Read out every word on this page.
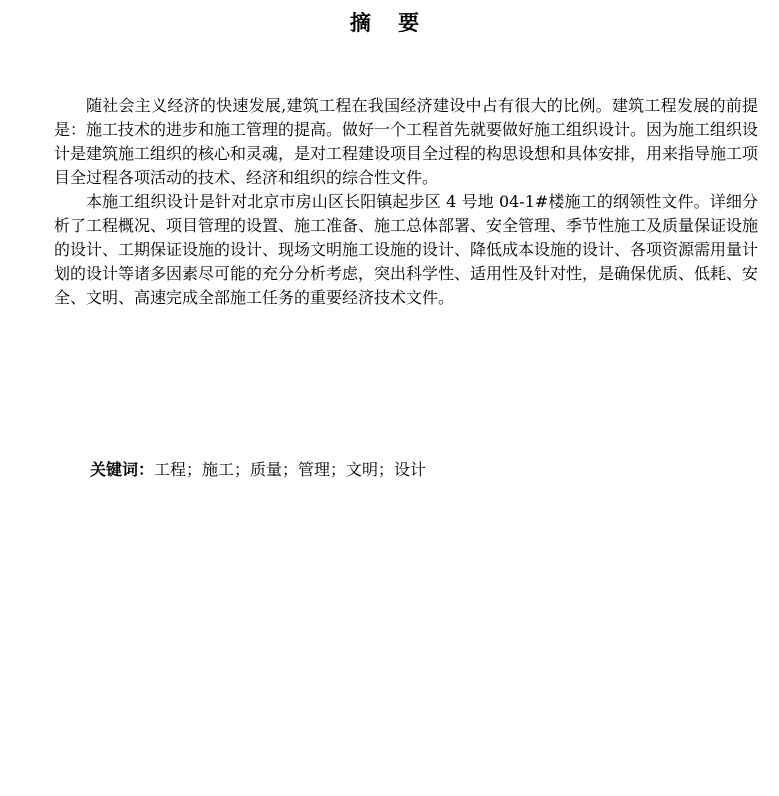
摘 要

随社会主义经济的快速发展,建筑工程在我国经济建设中占有很大的比例。建筑工程发展的前提是：施工技术的进步和施工管理的提高。做好一个工程首先就要做好施工组织设计。因为施工组织设计是建筑施工组织的核心和灵魂，是对工程建设项目全过程的构思设想和具体安排，用来指导施工项目全过程各项活动的技术、经济和组织的综合性文件。

本施工组织设计是针对北京市房山区长阳镇起步区 4 号地 04-1#楼施工的纲领性文件。详细分析了工程概况、项目管理的设置、施工准备、施工总体部署、安全管理、季节性施工及质量保证设施的设计、工期保证设施的设计、现场文明施工设施的设计、降低成本设施的设计、各项资源需用量计划的设计等诸多因素尽可能的充分分析考虑，突出科学性、适用性及针对性，是确保优质、低耗、安全、文明、高速完成全部施工任务的重要经济技术文件。

关键词：工程；施工；质量；管理；文明；设计
